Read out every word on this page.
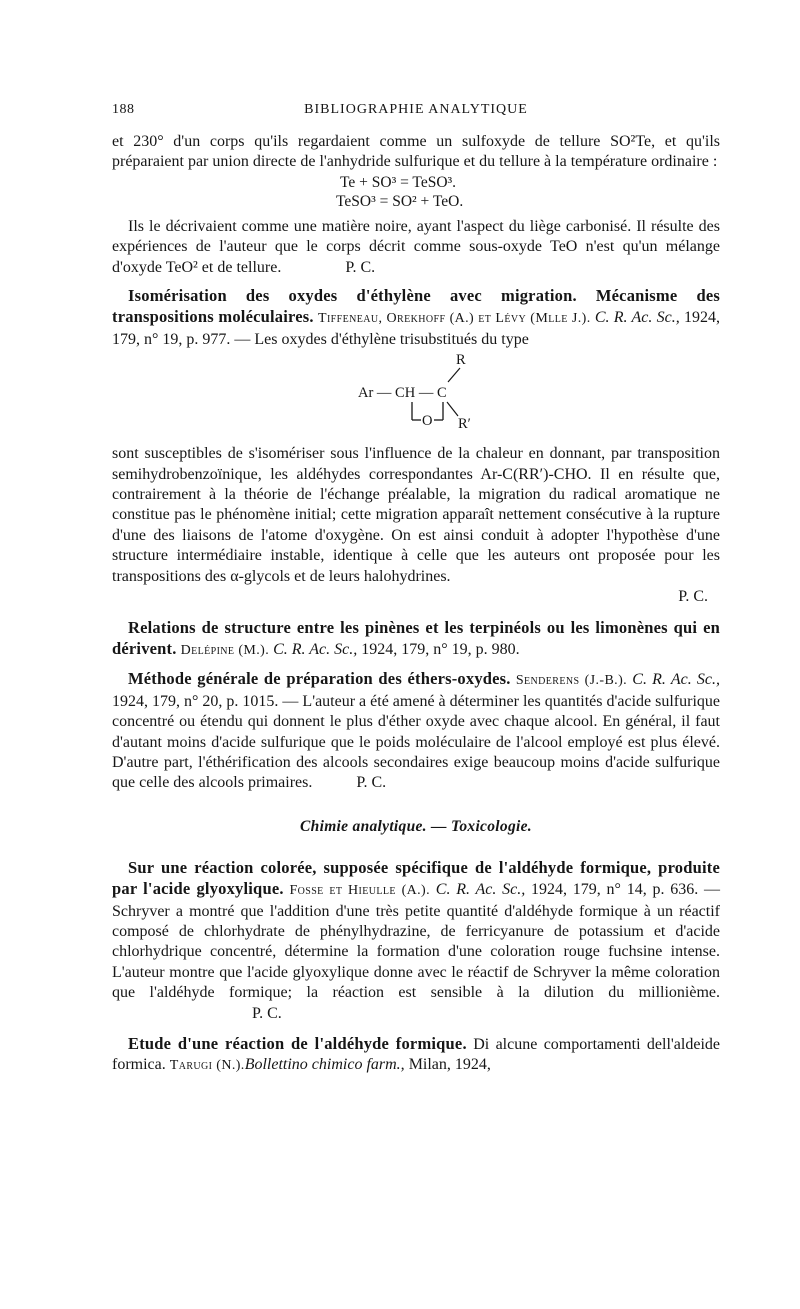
188	BIBLIOGRAPHIE ANALYTIQUE

et 230° d'un corps qu'ils regardaient comme un sulfoxyde de tellure SO²Te, et qu'ils préparaient par union directe de l'anhydride sulfurique et du tellure à la température ordinaire :

Te + SO³ = TeSO³.
TeSO³ = SO² + TeO.

Ils le décrivaient comme une matière noire, ayant l'aspect du liège carbonisé. Il résulte des expériences de l'auteur que le corps décrit comme sous-oxyde TeO n'est qu'un mélange d'oxyde TeO² et de tellure.	P. C.

Isomérisation des oxydes d'éthylène avec migration. Mécanisme des transpositions moléculaires. Tiffeneau, Orekhoff (A.) et Lévy (Mlle J.). C. R. Ac. Sc., 1924, 179, n° 19, p. 977. — Les oxydes d'éthylène trisubstitués du type

R
Ar — CH — C
O R′

sont susceptibles de s'isomériser sous l'influence de la chaleur en donnant, par transposition semihydrobenzoïnique, les aldéhydes correspondantes Ar-C(RR′)-CHO. Il en résulte que, contrairement à la théorie de l'échange préalable, la migration du radical aromatique ne constitue pas le phénomène initial; cette migration apparaît nettement consécutive à la rupture d'une des liaisons de l'atome d'oxygène. On est ainsi conduit à adopter l'hypothèse d'une structure intermédiaire instable, identique à celle que les auteurs ont proposée pour les transpositions des α-glycols et de leurs halohydrines.
P. C.

Relations de structure entre les pinènes et les terpinéols ou les limonènes qui en dérivent. Delépine (M.). C. R. Ac. Sc., 1924, 179, n° 19, p. 980.

Méthode générale de préparation des éthers-oxydes. Senderens (J.-B.). C. R. Ac. Sc., 1924, 179, n° 20, p. 1015. — L'auteur a été amené à déterminer les quantités d'acide sulfurique concentré ou étendu qui donnent le plus d'éther oxyde avec chaque alcool. En général, il faut d'autant moins d'acide sulfurique que le poids moléculaire de l'alcool employé est plus élevé. D'autre part, l'éthérification des alcools secondaires exige beaucoup moins d'acide sulfurique que celle des alcools primaires.	P. C.

Chimie analytique. — Toxicologie.

Sur une réaction colorée, supposée spécifique de l'aldéhyde formique, produite par l'acide glyoxylique. Fosse et Hieulle (A.). C. R. Ac. Sc., 1924, 179, n° 14, p. 636. — Schryver a montré que l'addition d'une très petite quantité d'aldéhyde formique à un réactif composé de chlorhydrate de phénylhydrazine, de ferricyanure de potassium et d'acide chlorhydrique concentré, détermine la formation d'une coloration rouge fuchsine intense. L'auteur montre que l'acide glyoxylique donne avec le réactif de Schryver la même coloration que l'aldéhyde formique; la réaction est sensible à la dilution du millionième. P. C.

Etude d'une réaction de l'aldéhyde formique. Di alcune comportamenti dell'aldeide formica. Tarugi (N.).Bollettino chimico farm., Milan, 1924,
